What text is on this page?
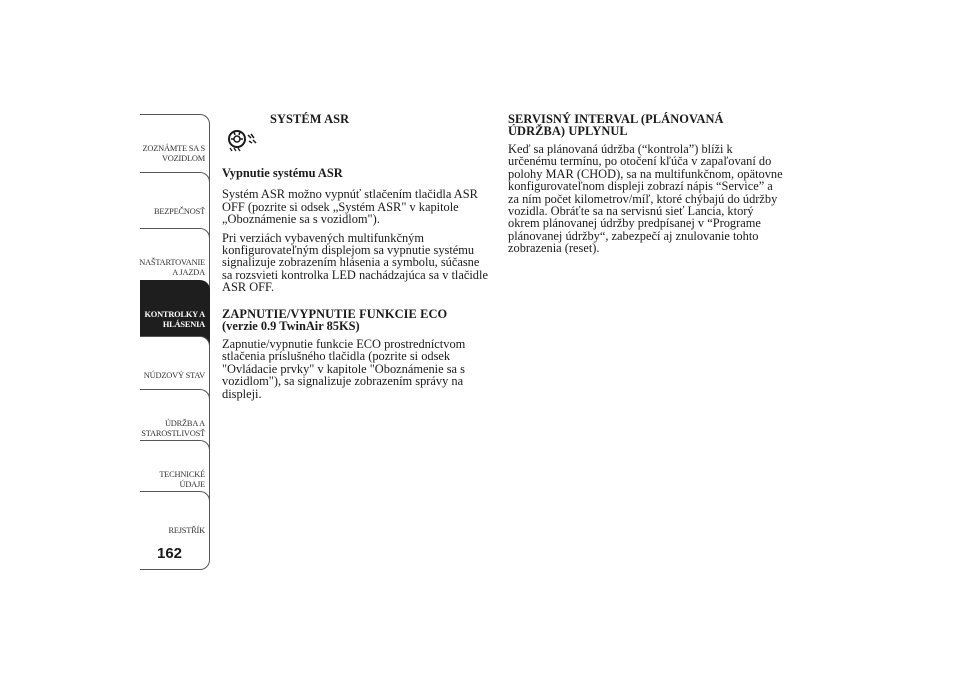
ZOZNÁMTE SA S
VOZIDLOM
BEZPEČNOSŤ
NAŠTARTOVANIE
A JAZDA
KONTROLKY A
HLÁSENIA
NÚDZOVÝ STAV
ÚDRŽBA A
STAROSTLIVOSŤ
TECHNICKÉ
ÚDAJE
REJSTŘÍK
162
SYSTÉM ASR

Vypnutie systému ASR

Systém ASR možno vypnúť stlačením tlačidla ASR OFF (pozrite si odsek „Systém ASR" v kapitole „Oboznámenie sa s vozidlom").

Pri verziách vybavených multifunkčným konfigurovateľným displejom sa vypnutie systému signalizuje zobrazením hlásenia a symbolu, súčasne sa rozsvieti kontrolka LED nachádzajúca sa v tlačidle ASR OFF.

ZAPNUTIE/VYPNUTIE FUNKCIE ECO

(verzie 0.9 TwinAir 85KS)

Zapnutie/vypnutie funkcie ECO prostredníctvom stlačenia príslušného tlačidla (pozrite si odsek "Ovládacie prvky" v kapitole "Oboznámenie sa s vozidlom"), sa signalizuje zobrazením správy na displeji.

SERVISNÝ INTERVAL (PLÁNOVANÁ
ÚDRŽBA) UPLYNUL

Keď sa plánovaná údržba (“kontrola”) blíži k určenému termínu, po otočení kľúča v zapaľovaní do polohy MAR (CHOD), sa na multifunkčnom, opätovne konfigurovateľnom displeji zobrazí nápis “Service” a za ním počet kilometrov/míľ, ktoré chýbajú do údržby vozidla. Obráťte sa na servisnú sieť Lancia, ktorý okrem plánovanej údržby predpísanej v “Programe plánovanej údržby“, zabezpečí aj znulovanie tohto zobrazenia (reset).
